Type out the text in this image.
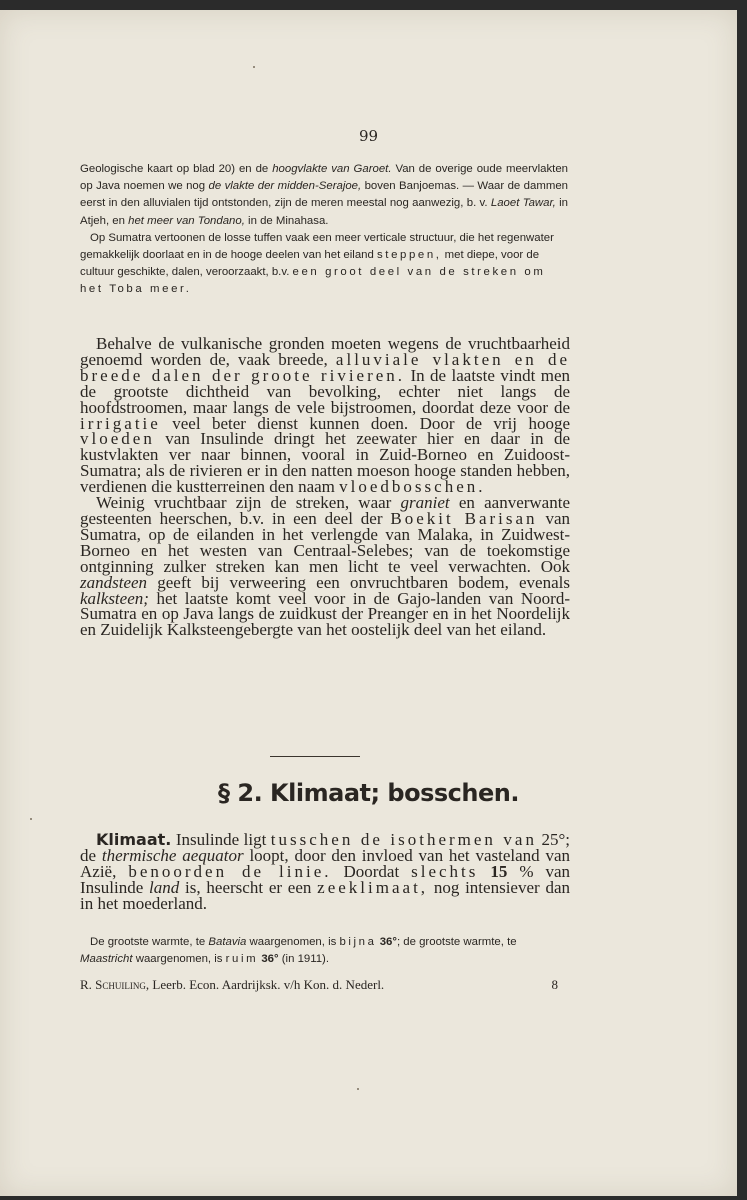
99

Geologische kaart op blad 20) en de hoogvlakte van Garoet. Van de overige oude meervlakten op Java noemen we nog de vlakte der midden-Serajoe, boven Banjoemas. — Waar de dammen eerst in den alluvialen tijd ontstonden, zijn de meren meestal nog aanwezig, b. v. Laoet Tawar, in Atjeh, en het meer van Tondano, in de Minahasa.

Op Sumatra vertoonen de losse tuffen vaak een meer verticale structuur, die het regenwater gemakkelijk doorlaat en in de hooge deelen van het eiland steppen, met diepe, voor de cultuur geschikte, dalen, veroorzaakt, b.v. een groot deel van de streken om het Toba meer.

Behalve de vulkanische gronden moeten wegens de vruchtbaarheid genoemd worden de, vaak breede, alluviale vlakten en de breede dalen der groote rivieren. In de laatste vindt men de grootste dichtheid van bevolking, echter niet langs de hoofdstroomen, maar langs de vele bijstroomen, doordat deze voor de irrigatie veel beter dienst kunnen doen. Door de vrij hooge vloeden van Insulinde dringt het zeewater hier en daar in de kustvlakten ver naar binnen, vooral in Zuid-Borneo en Zuidoost-Sumatra; als de rivieren er in den natten moeson hooge standen hebben, verdienen die kustterreinen den naam vloedbosschen.

Weinig vruchtbaar zijn de streken, waar graniet en aanverwante gesteenten heerschen, b.v. in een deel der Boekit Barisan van Sumatra, op de eilanden in het verlengde van Malaka, in Zuidwest-Borneo en het westen van Centraal-Selebes; van de toekomstige ontginning zulker streken kan men licht te veel verwachten. Ook zandsteen geeft bij verweering een onvruchtbaren bodem, evenals kalksteen; het laatste komt veel voor in de Gajo-landen van Noord-Sumatra en op Java langs de zuidkust der Preanger en in het Noordelijk en Zuidelijk Kalksteengebergte van het oostelijk deel van het eiland.

§ 2. Klimaat; bosschen.

Klimaat. Insulinde ligt tusschen de isothermen van 25°; de thermische aequator loopt, door den invloed van het vasteland van Azië, benoorden de linie. Doordat slechts 15 % van Insulinde land is, heerscht er een zeeklimaat, nog intensiever dan in het moederland.

De grootste warmte, te Batavia waargenomen, is bijna 36°; de grootste warmte, te Maastricht waargenomen, is ruim 36° (in 1911).

R. Schuiling, Leerb. Econ. Aardrijksk. v/h Kon. d. Nederl.	8
